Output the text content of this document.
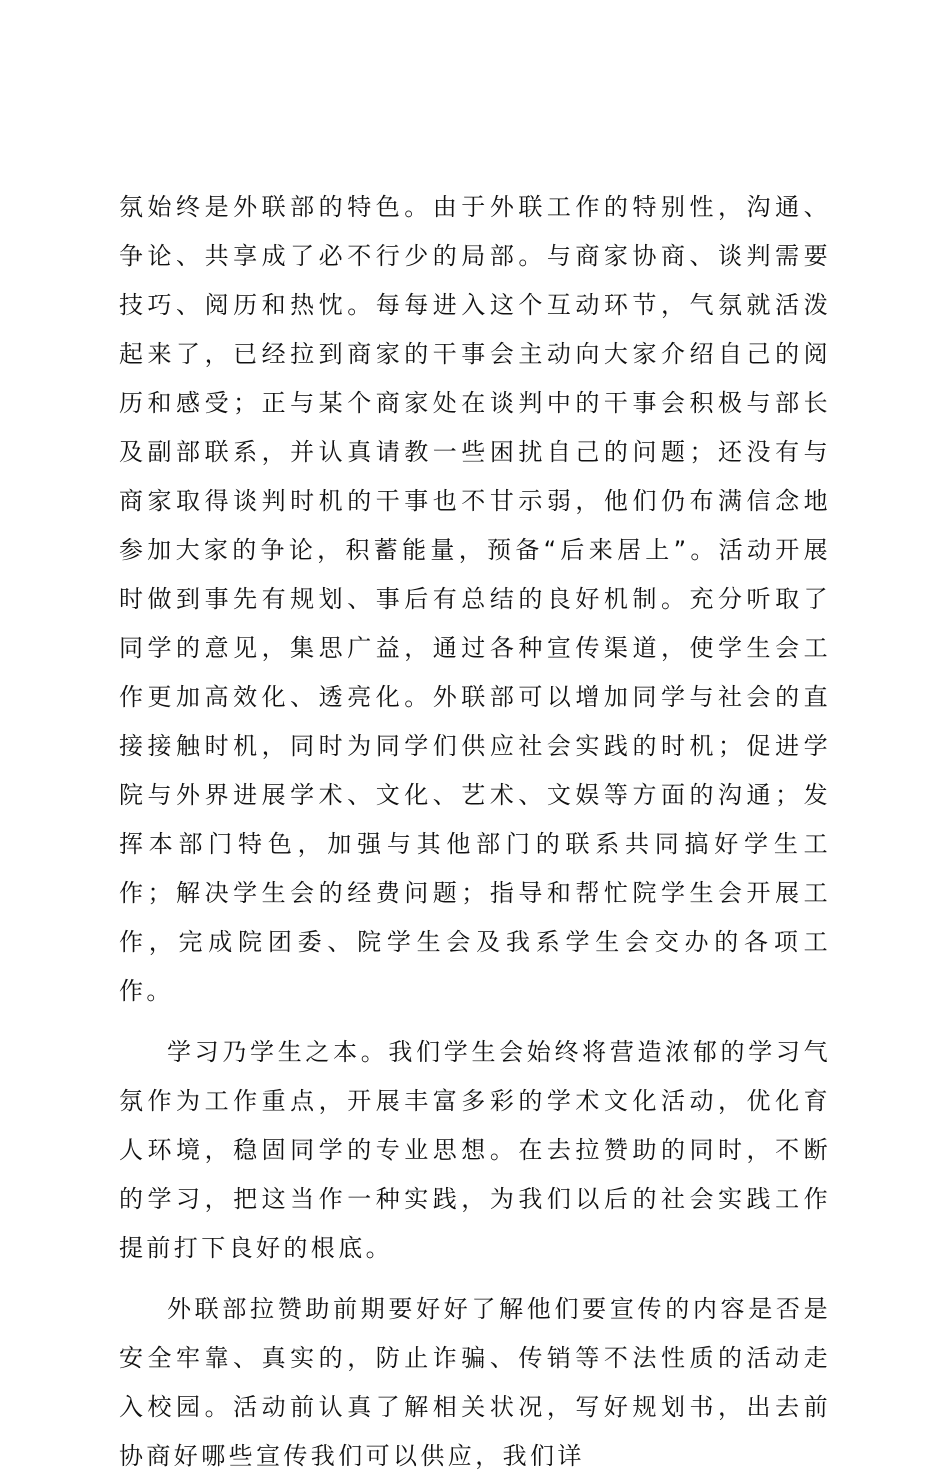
氛始终是外联部的特色。由于外联工作的特别性，沟通、争论、共享成了必不行少的局部。与商家协商、谈判需要技巧、阅历和热忱。每每进入这个互动环节，气氛就活泼起来了，已经拉到商家的干事会主动向大家介绍自己的阅历和感受；正与某个商家处在谈判中的干事会积极与部长及副部联系，并认真请教一些困扰自己的问题；还没有与商家取得谈判时机的干事也不甘示弱，他们仍布满信念地参加大家的争论，积蓄能量，预备“后来居上”。活动开展时做到事先有规划、事后有总结的良好机制。充分听取了同学的意见，集思广益，通过各种宣传渠道，使学生会工作更加高效化、透亮化。外联部可以增加同学与社会的直接接触时机，同时为同学们供应社会实践的时机；促进学院与外界进展学术、文化、艺术、文娱等方面的沟通；发挥本部门特色，加强与其他部门的联系共同搞好学生工作；解决学生会的经费问题；指导和帮忙院学生会开展工作，完成院团委、院学生会及我系学生会交办的各项工作。

学习乃学生之本。我们学生会始终将营造浓郁的学习气氛作为工作重点，开展丰富多彩的学术文化活动，优化育人环境，稳固同学的专业思想。在去拉赞助的同时，不断的学习，把这当作一种实践，为我们以后的社会实践工作提前打下良好的根底。

外联部拉赞助前期要好好了解他们要宣传的内容是否是安全牢靠、真实的，防止诈骗、传销等不法性质的活动走入校园。活动前认真了解相关状况，写好规划书，出去前协商好哪些宣传我们可以供应，我们详
